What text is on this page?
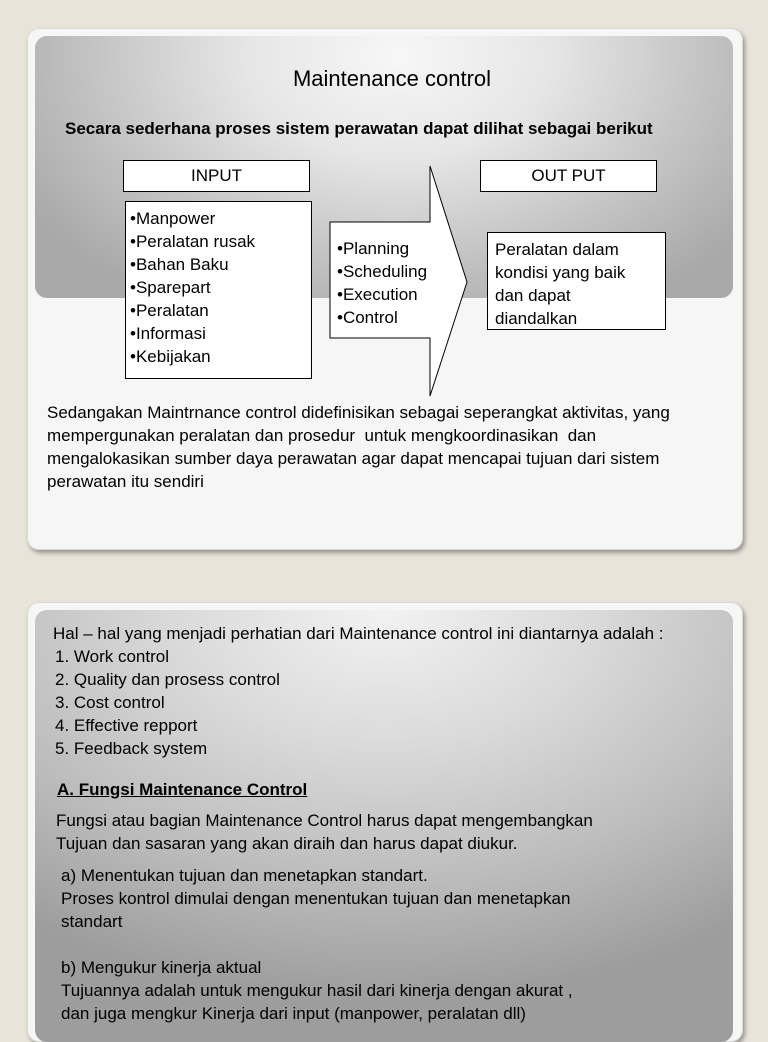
Maintenance control
Secara sederhana proses sistem perawatan dapat dilihat sebagai berikut
INPUT	OUT PUT
•Manpower
•Peralatan rusak
•Bahan Baku
•Sparepart
•Peralatan
•Informasi
•Kebijakan
•Planning
•Scheduling
•Execution
•Control
Peralatan dalam
kondisi yang baik
dan dapat
diandalkan
Sedangakan Maintrnance control didefinisikan sebagai seperangkat aktivitas, yang
mempergunakan peralatan dan prosedur  untuk mengkoordinasikan  dan
mengalokasikan sumber daya perawatan agar dapat mencapai tujuan dari sistem
perawatan itu sendiri
Hal – hal yang menjadi perhatian dari Maintenance control ini diantarnya adalah :
1. Work control
2. Quality dan prosess control
3. Cost control
4. Effective repport
5. Feedback system
A. Fungsi Maintenance Control
Fungsi atau bagian Maintenance Control harus dapat mengembangkan
Tujuan dan sasaran yang akan diraih dan harus dapat diukur.
a) Menentukan tujuan dan menetapkan standart.
Proses kontrol dimulai dengan menentukan tujuan dan menetapkan
standart
b) Mengukur kinerja aktual
Tujuannya adalah untuk mengukur hasil dari kinerja dengan akurat ,
dan juga mengkur Kinerja dari input (manpower, peralatan dll)
